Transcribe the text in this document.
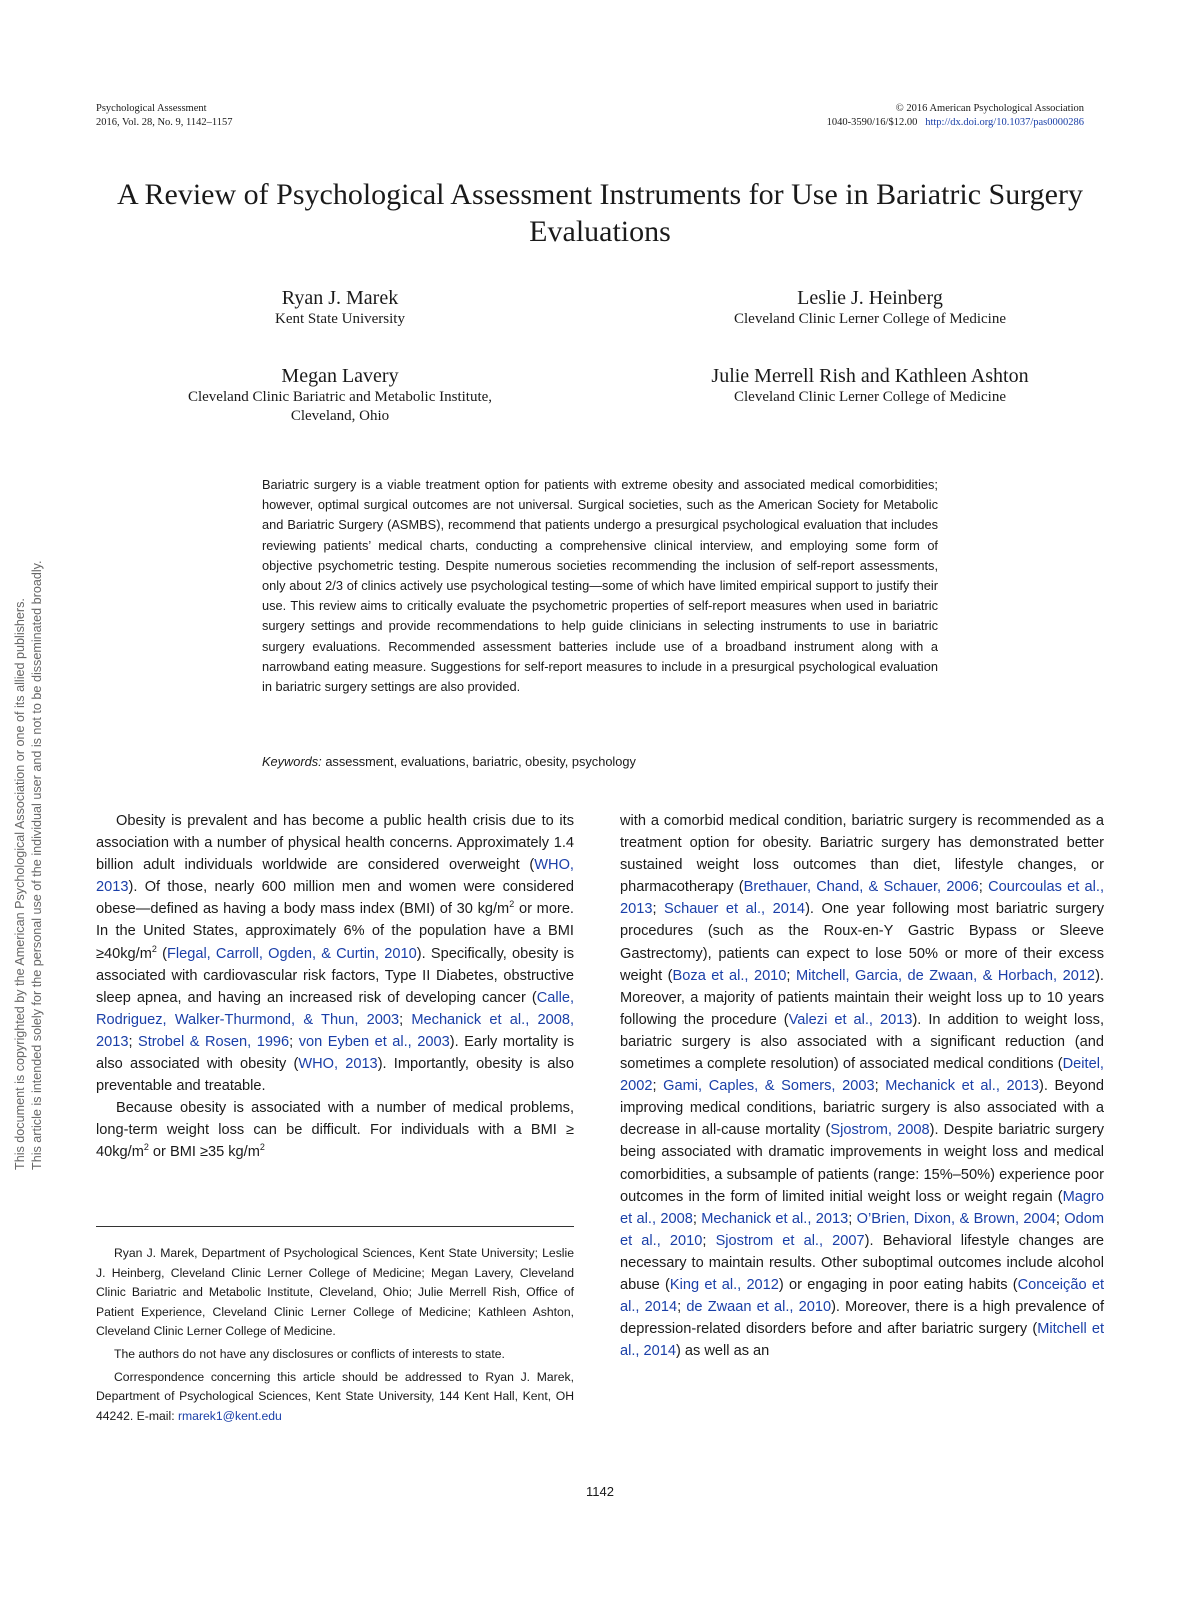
This document is copyrighted by the American Psychological Association or one of its allied publishers. This article is intended solely for the personal use of the individual user and is not to be disseminated broadly.
Psychological Assessment
2016, Vol. 28, No. 9, 1142–1157
© 2016 American Psychological Association
1040-3590/16/$12.00 http://dx.doi.org/10.1037/pas0000286
A Review of Psychological Assessment Instruments for Use in Bariatric Surgery Evaluations
Ryan J. Marek
Kent State University
Leslie J. Heinberg
Cleveland Clinic Lerner College of Medicine
Megan Lavery
Cleveland Clinic Bariatric and Metabolic Institute,
Cleveland, Ohio
Julie Merrell Rish and Kathleen Ashton
Cleveland Clinic Lerner College of Medicine
Bariatric surgery is a viable treatment option for patients with extreme obesity and associated medical comorbidities; however, optimal surgical outcomes are not universal. Surgical societies, such as the American Society for Metabolic and Bariatric Surgery (ASMBS), recommend that patients undergo a presurgical psychological evaluation that includes reviewing patients’ medical charts, conducting a comprehensive clinical interview, and employing some form of objective psychometric testing. Despite numerous societies recommending the inclusion of self-report assessments, only about 2/3 of clinics actively use psychological testing—some of which have limited empirical support to justify their use. This review aims to critically evaluate the psychometric properties of self-report measures when used in bariatric surgery settings and provide recommendations to help guide clinicians in selecting instruments to use in bariatric surgery evaluations. Recommended assessment batteries include use of a broadband instrument along with a narrowband eating measure. Suggestions for self-report measures to include in a presurgical psychological evaluation in bariatric surgery settings are also provided.
Keywords: assessment, evaluations, bariatric, obesity, psychology

Obesity is prevalent and has become a public health crisis due to its association with a number of physical health concerns. Approximately 1.4 billion adult individuals worldwide are considered overweight (WHO, 2013). Of those, nearly 600 million men and women were considered obese—defined as having a body mass index (BMI) of 30 $kg/m^2$ or more. In the United States, approximately 6% of the population have a BMI $\ge 40kg/m^2$ (Flegal, Carroll, Ogden, & Curtin, 2010). Specifically, obesity is associated with cardiovascular risk factors, Type II Diabetes, obstructive sleep apnea, and having an increased risk of developing cancer (Calle, Rodriguez, Walker-Thurmond, & Thun, 2003; Mechanick et al., 2008, 2013; Strobel & Rosen, 1996; von Eyben et al., 2003). Early mortality is also associated with obesity (WHO, 2013). Importantly, obesity is also preventable and treatable.

Because obesity is associated with a number of medical problems, long-term weight loss can be difficult. For individuals with a BMI ≥ $40kg/m^2$ or BMI ≥35 $kg/m^2$

Ryan J. Marek, Department of Psychological Sciences, Kent State University; Leslie J. Heinberg, Cleveland Clinic Lerner College of Medicine; Megan Lavery, Cleveland Clinic Bariatric and Metabolic Institute, Cleveland, Ohio; Julie Merrell Rish, Office of Patient Experience, Cleveland Clinic Lerner College of Medicine; Kathleen Ashton, Cleveland Clinic Lerner College of Medicine.

The authors do not have any disclosures or conflicts of interests to state.

Correspondence concerning this article should be addressed to Ryan J. Marek, Department of Psychological Sciences, Kent State University, 144 Kent Hall, Kent, OH 44242. E-mail: rmarek1@kent.edu

with a comorbid medical condition, bariatric surgery is recommended as a treatment option for obesity. Bariatric surgery has demonstrated better sustained weight loss outcomes than diet, lifestyle changes, or pharmacotherapy (Brethauer, Chand, & Schauer, 2006; Courcoulas et al., 2013; Schauer et al., 2014). One year following most bariatric surgery procedures (such as the Roux-en-Y Gastric Bypass or Sleeve Gastrectomy), patients can expect to lose 50% or more of their excess weight (Boza et al., 2010; Mitchell, Garcia, de Zwaan, & Horbach, 2012). Moreover, a majority of patients maintain their weight loss up to 10 years following the procedure (Valezi et al., 2013). In addition to weight loss, bariatric surgery is also associated with a significant reduction (and sometimes a complete resolution) of associated medical conditions (Deitel, 2002; Gami, Caples, & Somers, 2003; Mechanick et al., 2013). Beyond improving medical conditions, bariatric surgery is also associated with a decrease in all-cause mortality (Sjostrom, 2008). Despite bariatric surgery being associated with dramatic improvements in weight loss and medical comorbidities, a subsample of patients (range: 15%–50%) experience poor outcomes in the form of limited initial weight loss or weight regain (Magro et al., 2008; Mechanick et al., 2013; O’Brien, Dixon, & Brown, 2004; Odom et al., 2010; Sjostrom et al., 2007). Behavioral lifestyle changes are necessary to maintain results. Other suboptimal outcomes include alcohol abuse (King et al., 2012) or engaging in poor eating habits (Conceição et al., 2014; de Zwaan et al., 2010). Moreover, there is a high prevalence of depression-related disorders before and after bariatric surgery (Mitchell et al., 2014) as well as an

1142
